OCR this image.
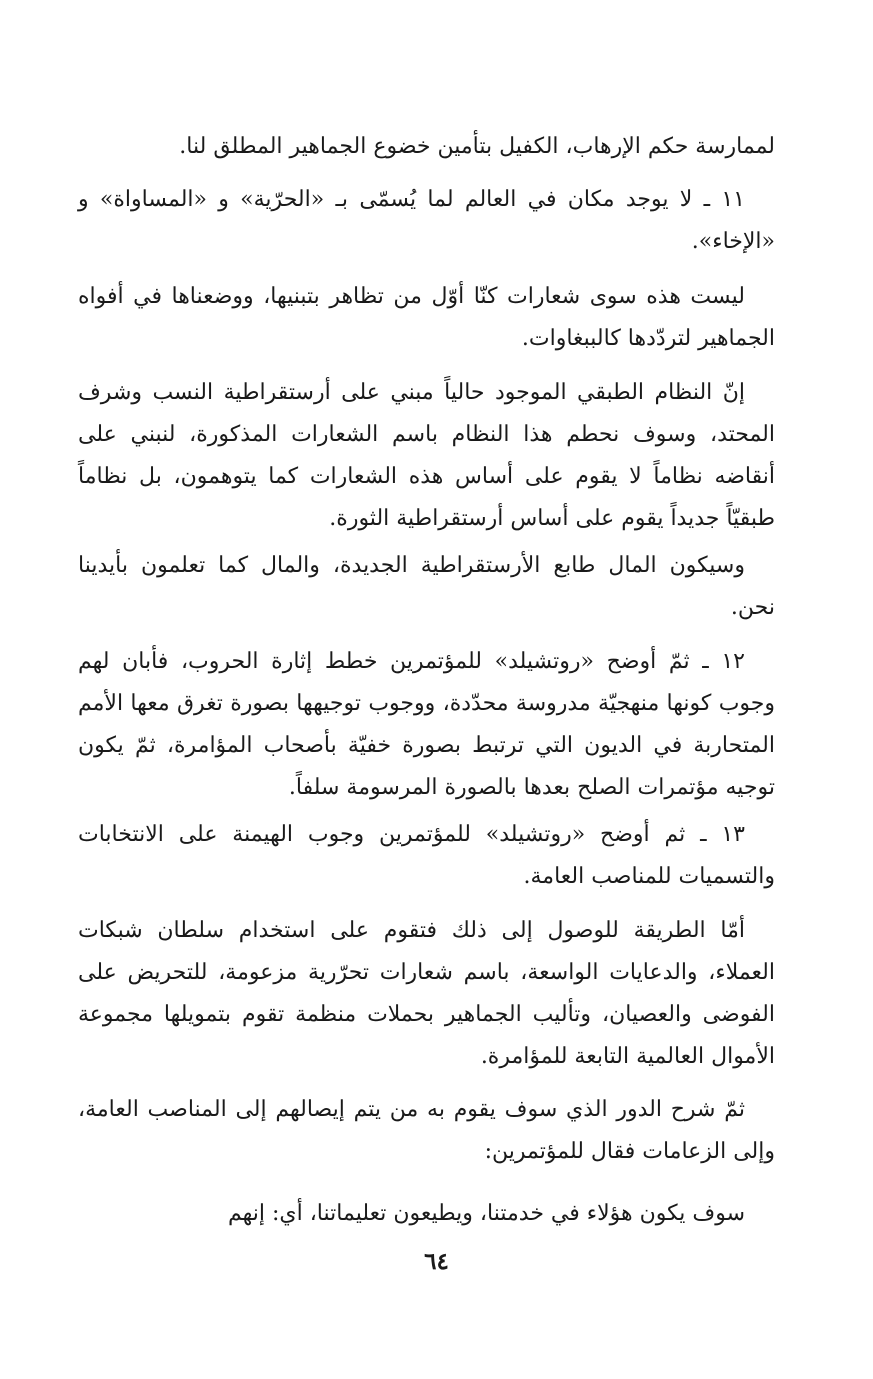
لممارسة حكم الإرهاب، الكفيل بتأمين خضوع الجماهير المطلق لنا.

١١ ـ لا يوجد مكان في العالم لما يُسمّى بـ «الحرّية» و «المساواة» و «الإخاء».

ليست هذه سوى شعارات كنّا أوّل من تظاهر بتبنيها، ووضعناها في أفواه الجماهير لتردّدها كالببغاوات.

إنّ النظام الطبقي الموجود حالياً مبني على أرستقراطية النسب وشرف المحتد، وسوف نحطم هذا النظام باسم الشعارات المذكورة، لنبني على أنقاضه نظاماً لا يقوم على أساس هذه الشعارات كما يتوهمون، بل نظاماً طبقيّاً جديداً يقوم على أساس أرستقراطية الثورة.

وسيكون المال طابع الأرستقراطية الجديدة، والمال كما تعلمون بأيدينا نحن.

١٢ ـ ثمّ أوضح «روتشيلد» للمؤتمرين خطط إثارة الحروب، فأبان لهم وجوب كونها منهجيّة مدروسة محدّدة، ووجوب توجيهها بصورة تغرق معها الأمم المتحاربة في الديون التي ترتبط بصورة خفيّة بأصحاب المؤامرة، ثمّ يكون توجيه مؤتمرات الصلح بعدها بالصورة المرسومة سلفاً.

١٣ ـ ثم أوضح «روتشيلد» للمؤتمرين وجوب الهيمنة على الانتخابات والتسميات للمناصب العامة.

أمّا الطريقة للوصول إلى ذلك فتقوم على استخدام سلطان شبكات العملاء، والدعايات الواسعة، باسم شعارات تحرّرية مزعومة، للتحريض على الفوضى والعصيان، وتأليب الجماهير بحملات منظمة تقوم بتمويلها مجموعة الأموال العالمية التابعة للمؤامرة.

ثمّ شرح الدور الذي سوف يقوم به من يتم إيصالهم إلى المناصب العامة، وإلى الزعامات فقال للمؤتمرين:

سوف يكون هؤلاء في خدمتنا، ويطيعون تعليماتنا، أي: إنهم

٦٤
